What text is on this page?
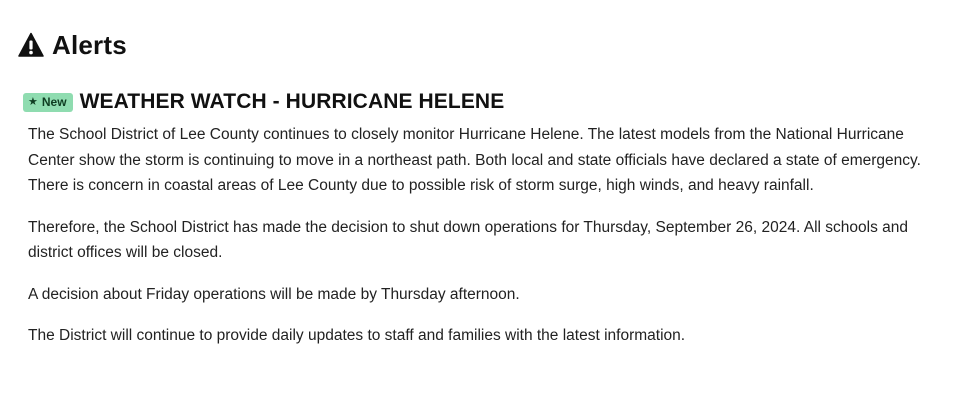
Alerts
★ New WEATHER WATCH - HURRICANE HELENE

The School District of Lee County continues to closely monitor Hurricane Helene. The latest models from the National Hurricane Center show the storm is continuing to move in a northeast path. Both local and state officials have declared a state of emergency. There is concern in coastal areas of Lee County due to possible risk of storm surge, high winds, and heavy rainfall.

Therefore, the School District has made the decision to shut down operations for Thursday, September 26, 2024. All schools and district offices will be closed.

A decision about Friday operations will be made by Thursday afternoon.

The District will continue to provide daily updates to staff and families with the latest information.
